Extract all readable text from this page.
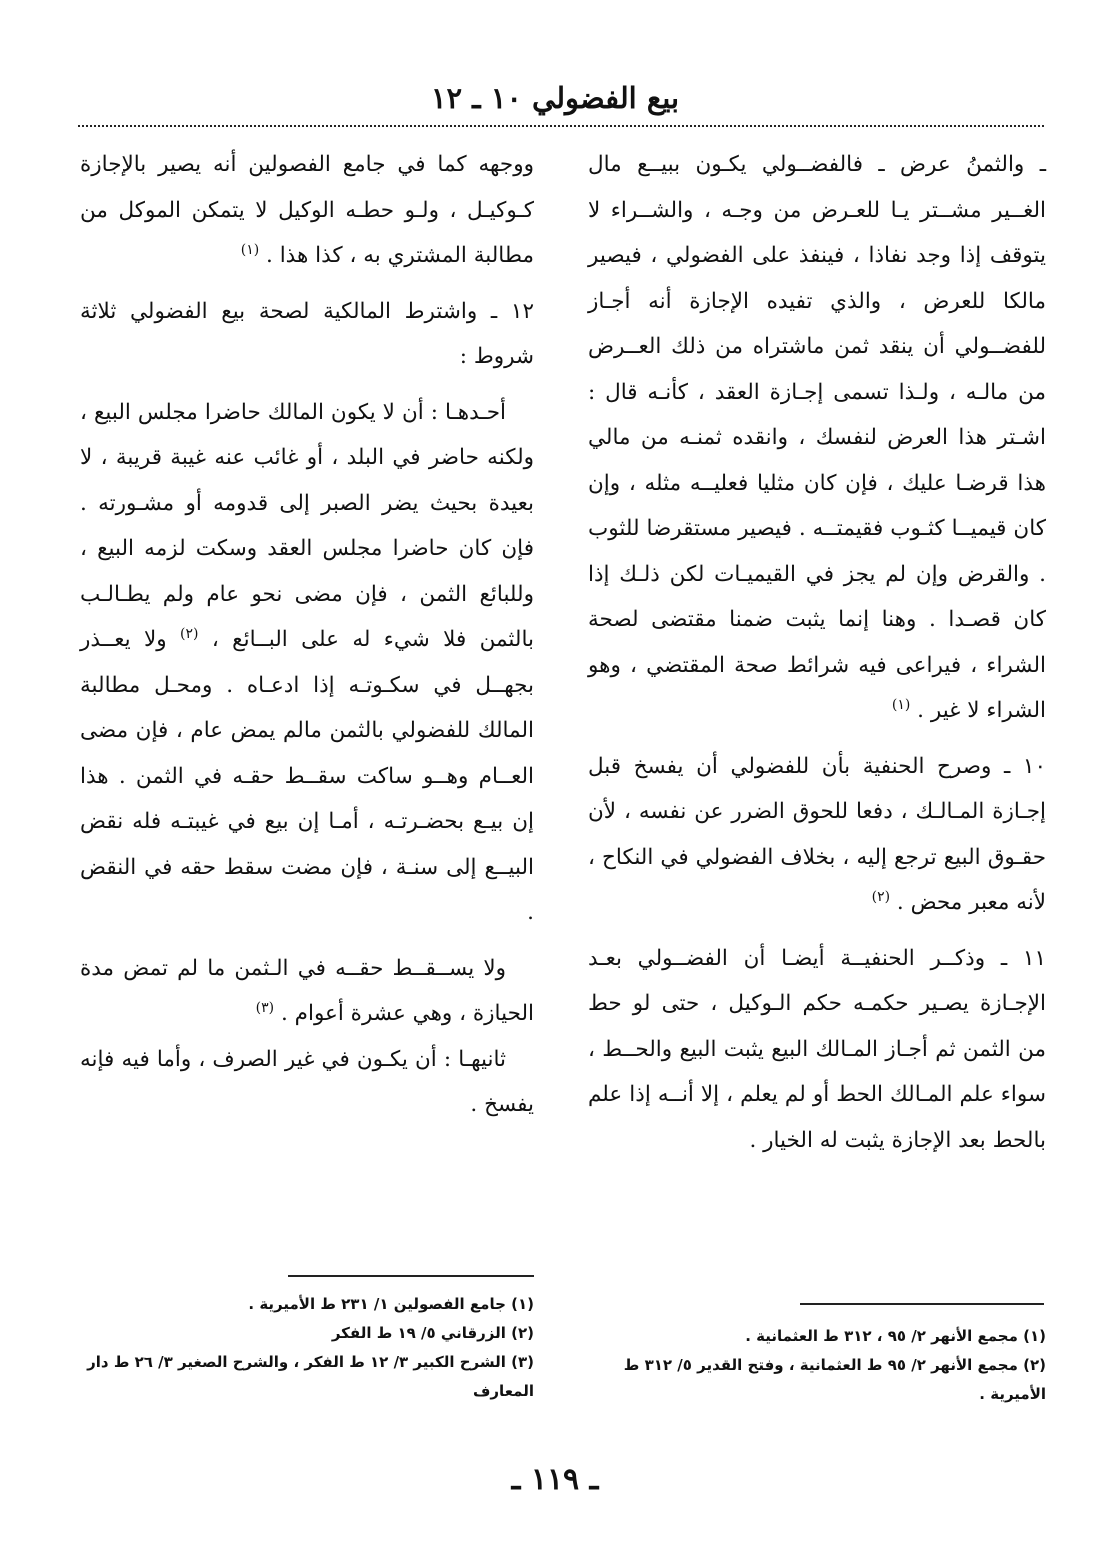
بيع الفضولي ١٠ ـ ١٢

ـ والثمنُ عرض ـ فالفضــولي يكـون ببيــع مال الغــير مشــتر يـا للعـرض من وجـه ، والشــراء لا يتوقف إذا وجد نفاذا ، فينفذ على الفضولي ، فيصير مالكا للعرض ، والذي تفيده الإجازة أنه أجـاز للفضــولي أن ينقد ثمن ماشتراه من ذلك العــرض من مالـه ، ولـذا تسمى إجـازة العقد ، كأنـه قال : اشـتر هذا العرض لنفسك ، وانقده ثمنـه من مالي هذا قرضـا عليك ، فإن كان مثليا فعليــه مثله ، وإن كان قيميــا كثـوب فقيمتــه . فيصير مستقرضا للثوب . والقرض وإن لم يجز في القيميـات لكن ذلـك إذا كان قصـدا . وهنا إنما يثبت ضمنا مقتضى لصحة الشراء ، فيراعى فيه شرائط صحة المقتضي ، وهو الشراء لا غير . $^{(١)}$

١٠ ـ وصرح الحنفية بأن للفضولي أن يفسخ قبل إجـازة المـالـك ، دفعا للحوق الضرر عن نفسه ، لأن حقـوق البيع ترجع إليه ، بخلاف الفضولي في النكاح ، لأنه معبر محض . $^{(٢)}$

١١ ـ وذكــر الحنفيــة أيضـا أن الفضــولي بعـد الإجـازة يصـير حكمـه حكم الـوكيل ، حتى لو حط من الثمن ثم أجـاز المـالك البيع يثبت البيع والحــط ، سواء علم المـالك الحط أو لم يعلم ، إلا أنــه إذا علم بالحط بعد الإجازة يثبت له الخيار .

(١) مجمع الأنهر ٢/ ٩٥ ، ٣١٢ ط العثمانية .

(٢) مجمع الأنهر ٢/ ٩٥ ط العثمانية ، وفتح القدير ٥/ ٣١٢ ط الأميرية .

ووجهه كما في جامع الفصولين أنه يصير بالإجازة كـوكيـل ، ولـو حطـه الوكيل لا يتمكن الموكل من مطالبة المشتري به ، كذا هذا . $^{(١)}$

١٢ ـ واشترط المالكية لصحة بيع الفضولي ثلاثة شروط :

أحـدهـا : أن لا يكون المالك حاضرا مجلس البيع ، ولكنه حاضر في البلد ، أو غائب عنه غيبة قريبة ، لا بعيدة بحيث يضر الصبر إلى قدومه أو مشـورته . فإن كان حاضرا مجلس العقد وسكت لزمه البيع ، وللبائع الثمن ، فإن مضى نحو عام ولم يطـالـب بالثمن فلا شيء له على البــائع ، $^{(٢)}$ ولا يعــذر بجهــل في سكـوتـه إذا ادعـاه . ومحـل مطالبة المالك للفضولي بالثمن مالم يمض عام ، فإن مضى العــام وهــو ساكت سقــط حقـه في الثمن . هذا إن بيـع بحضـرتـه ، أمـا إن بيع في غيبتـه فله نقض البيــع إلى سنـة ، فإن مضت سقط حقه في النقض .

ولا يســقــط حقــه في الـثمن ما لم تمض مدة الحيازة ، وهي عشرة أعوام . $^{(٣)}$

ثانيهـا : أن يكـون في غير الصرف ، وأما فيه فإنه يفسخ .

(١) جامع الفصولين ١/ ٢٣١ ط الأميرية .

(٢) الزرقاني ٥/ ١٩ ط الفكر

(٣) الشرح الكبير ٣/ ١٢ ط الفكر ، والشرح الصغير ٣/ ٢٦ ط دار المعارف

ـ ١١٩ ـ
